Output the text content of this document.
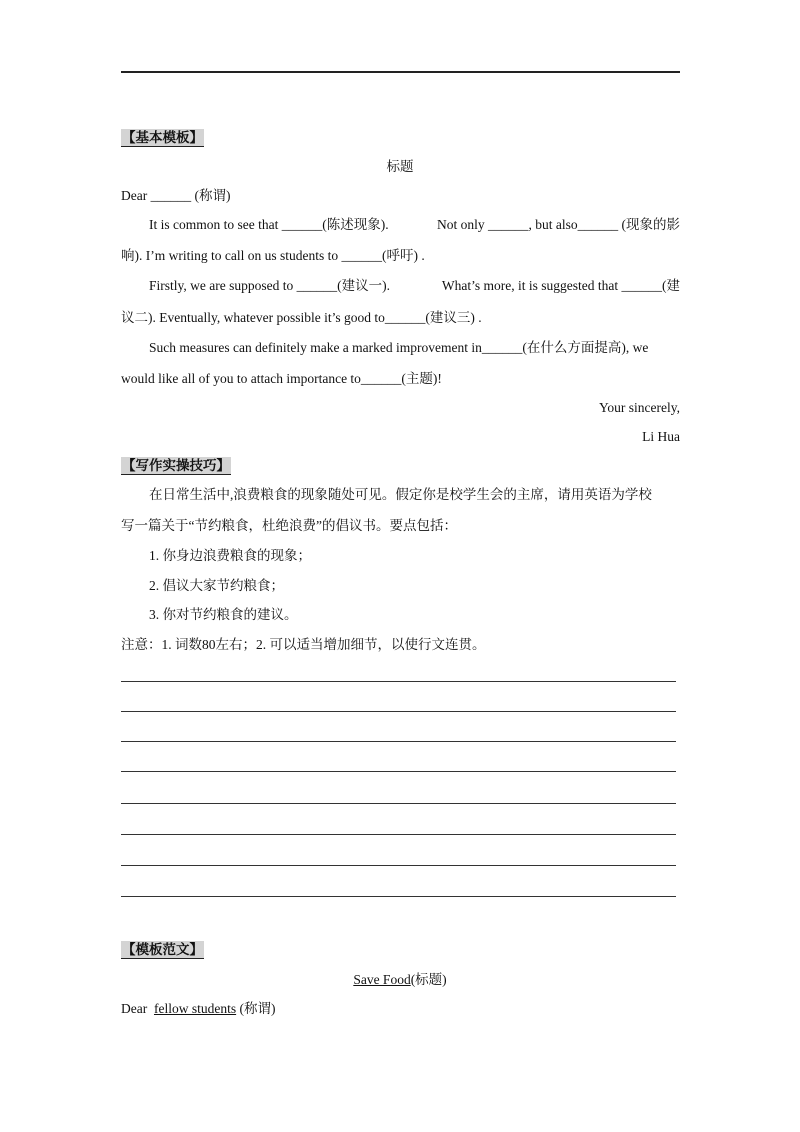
【基本模板】
标题
Dear ______ (称谓)
It is common to see that ______(陈述现象).	Not only ______, but also______ (现象的影
响). I’m writing to call on us students to ______(呼吁) .
Firstly, we are supposed to ______(建议一).	What’s more, it is suggested that ______(建
议二). Eventually, whatever possible it’s good to______(建议三) .
Such measures can definitely make a marked improvement in______(在什么方面提高), we
would like all of you to attach importance to______(主题)!
Your sincerely,
Li Hua
【写作实操技巧】
在日常生活中,浪费粮食的现象随处可见。假定你是校学生会的主席，请用英语为学校
写一篇关于“节约粮食，杜绝浪费”的倡议书。要点包括：
1. 你身边浪费粮食的现象；
2. 倡议大家节约粮食；
3. 你对节约粮食的建议。
注意：1. 词数80左右；2. 可以适当增加细节，以使行文连贯。
【模板范文】
Save Food(标题)
Dear fellow students (称谓)
